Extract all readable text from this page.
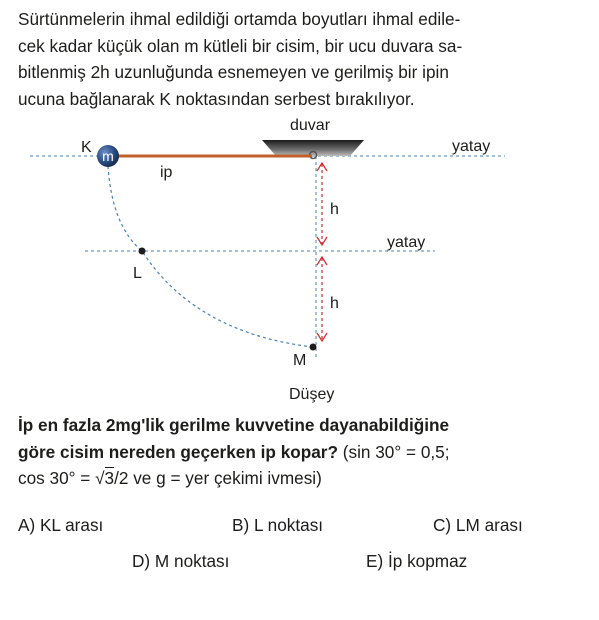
Sürtünmelerin ihmal edildiği ortamda boyutları ihmal edile-
cek kadar küçük olan m kütleli bir cisim, bir ucu duvara sa-
bitlenmiş 2h uzunluğunda esnemeyen ve gerilmiş bir ipin
ucuna bağlanarak K noktasından serbest bırakılıyor.
duvar
ip
m
K	yatay
yatay
L
M
h
h
Düşey
İp en fazla 2mg'lik gerilme kuvvetine dayanabildiğine
göre cisim nereden geçerken ip kopar? (sin 30° = 0,5;
cos 30° = √3/2 ve g = yer çekimi ivmesi)
A) KL arası	B) L noktası	C) LM arası
D) M noktası	E) İp kopmaz
